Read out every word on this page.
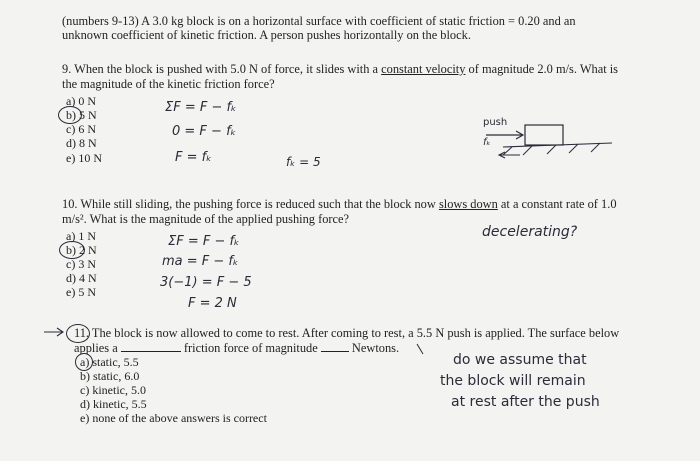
(numbers 9-13) A 3.0 kg block is on a horizontal surface with coefficient of static friction = 0.20 and an
unknown coefficient of kinetic friction. A person pushes horizontally on the block.
9. When the block is pushed with 5.0 N of force, it slides with a constant velocity of magnitude 2.0 m/s. What is
the magnitude of the kinetic friction force?
a) 0 N
b) 5 N
c) 6 N
d) 8 N
e) 10 N
ΣF = F − fₖ
0 = F − fₖ
F = fₖ	fₖ = 5
push
fₖ
10. While still sliding, the pushing force is reduced such that the block now slows down at a constant rate of 1.0
m/s². What is the magnitude of the applied pushing force?
a) 1 N
b) 2 N
c) 3 N
d) 4 N
e) 5 N
ΣF = F − fₖ
ma = F − fₖ
3(−1) = F − 5
F = 2 N
decelerating?
11. The block is now allowed to come to rest. After coming to rest, a 5.5 N push is applied. The surface below
applies a	friction force of magnitude  Newtons.
a) static, 5.5
b) static, 6.0
c) kinetic, 5.0
d) kinetic, 5.5
e) none of the above answers is correct
do we assume that
the block will remain
at rest after the push
